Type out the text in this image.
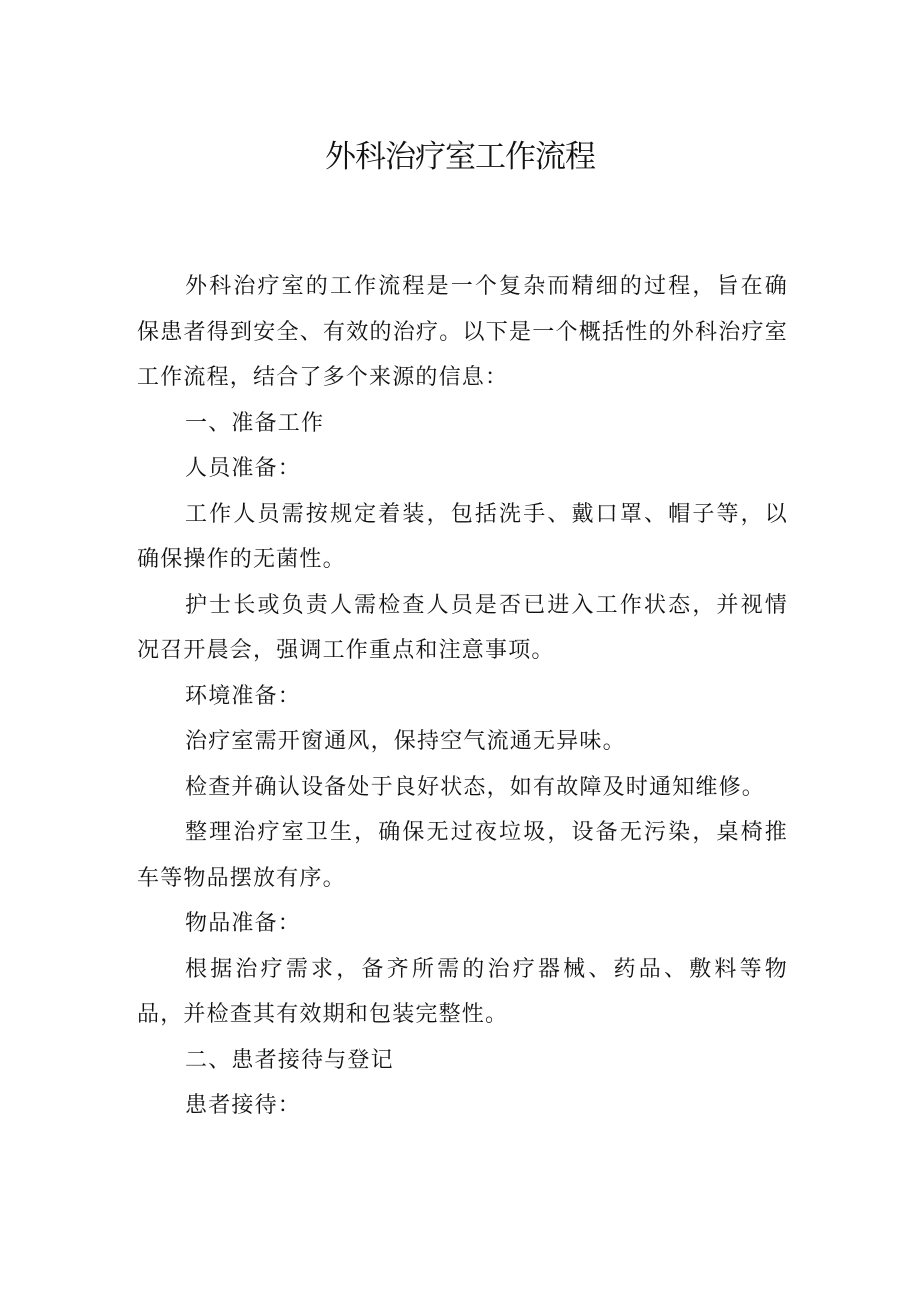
外科治疗室工作流程

外科治疗室的工作流程是一个复杂而精细的过程，旨在确保患者得到安全、有效的治疗。以下是一个概括性的外科治疗室工作流程，结合了多个来源的信息：

一、准备工作

人员准备：

工作人员需按规定着装，包括洗手、戴口罩、帽子等，以确保操作的无菌性。

护士长或负责人需检查人员是否已进入工作状态，并视情况召开晨会，强调工作重点和注意事项。

环境准备：

治疗室需开窗通风，保持空气流通无异味。

检查并确认设备处于良好状态，如有故障及时通知维修。

整理治疗室卫生，确保无过夜垃圾，设备无污染，桌椅推车等物品摆放有序。

物品准备：

根据治疗需求，备齐所需的治疗器械、药品、敷料等物品，并检查其有效期和包装完整性。

二、患者接待与登记

患者接待：
